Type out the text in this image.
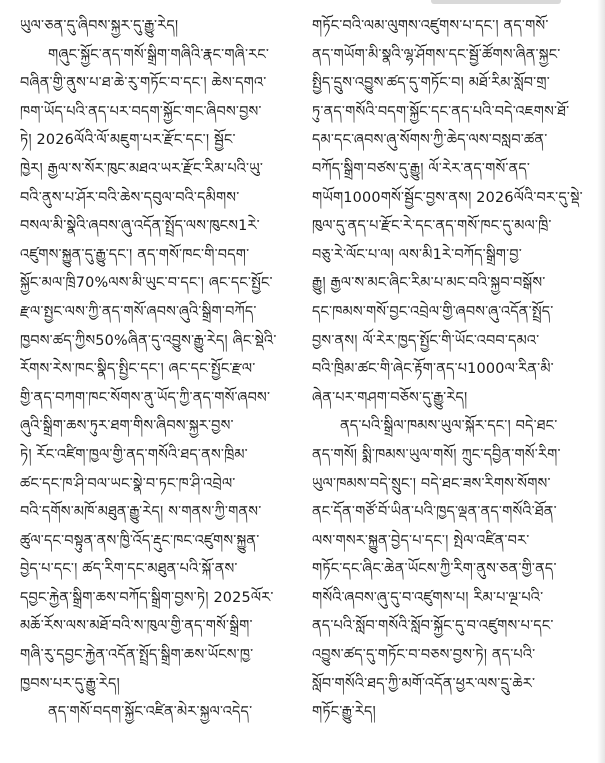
ཡུལ་ཅན་དུ་ཞིབས་སྐྱར་དུ་རྒྱུ་རེད།
གཞུང་སྐྱོང་ནད་གསོ་སྒྲིག་གཞིའི་རྣང་གཞི་རང་
བཞིན་གྱི་ནུས་པ་ཐ་ཆེ་རུ་གཏོང་བ་དང་། ཆེས་དགའ་
ཁག་ཡོད་པའི་ནད་པར་བདག་སྐྱོང་གང་ཞིབས་བྱས་
ཏེ། 2026ལོའི་ལོ་མཇུག་པར་རྫོང་དང་། སྦྱོང་
ཁྱེར། རྒྱལ་ས་སོར་ཁུང་མཐའ་ཡར་རྫོང་རིམ་པའི་ཡུ་
བའི་ནུས་པ་ཤོར་བའི་ཆེས་དབུལ་བའི་དམིགས་
བསལ་མི་སྣེའི་ཞབས་ཞུ་འདོན་སྤྲོད་ལས་ཁུངས1རེ་
འཛུགས་སྐྱུན་དུ་རྒྱུ་དང་། ནད་གསོ་ཁང་གི་བདག་
སྐྱོང་མལ་ཁྲི70%ལས་མི་ཡུང་བ་དང་། ཞང་དང་སྤྱོང་
རྫལ་སྤྱང་ལས་ཀྱི་ནད་གསོ་ཞབས་ཞུའི་སྒྲིག་བཀོད་
ཁྱབས་ཚད་ཀྱིས50%ཞིན་དུ་འབྱུས་རྒྱུ་རེད། ཞིང་སྡེའི་
རོགས་རེས་ཁང་སྣིད་སྤྱིང་དང་། ཞང་དང་སྤྱོང་རྫལ་
གྱི་ནད་བཀག་ཁང་སོགས་ནུ་ཡོད་ཀྱི་ནད་གསོ་ཞབས་
ཞུའི་སྒྲིག་ཆས་ཏུར་ཐག་གིས་ཞིབས་སྐྱར་བྱས་
ཏེ། རོང་འཛིག་ཁྱལ་གྱི་ནད་གསོའི་ཐད་ནས་ཁྲིམ་
ཚང་དང་ཁ་ཤི་བལ་ཡང་སྣེ་བ་ཏང་ཁ་ཤི་འབྲེལ་
བའི་དགོས་མཁོ་མཐུན་རྒྱུ་རེད། ས་གནས་ཀྱི་གནས་
ཚུལ་དང་བསྟུན་ནས་ཁྱི་འོད་རྡུང་ཁང་འཛུགས་སྐྱུན་
བྱེད་པ་དང་། ཚད་རིག་དང་མཐུན་པའི་སྐོ་ནས་
དབྱང་རྐྱེན་སྒྲིག་ཆས་བཀོད་སྒྲིག་བྱས་ཏེ། 2025ལོར་
མཆོ་རོས་ལས་མཐོ་བའི་ས་ཁུལ་གྱི་ནད་གསོ་སྒྲིག་
གཞི་རུ་དབྱང་རྐྱེན་འདོན་སྤྲོད་སྒྲིག་ཆས་ཡོངས་ཁྱ་
ཁྱབས་པར་དུ་རྒྱུ་རེད།
ནད་གསོ་བདག་སྐྱོང་འཛིན་མེར་སྐྱལ་འདེད་
གཏོང་བའི་ལམ་ལུགས་འཛུགས་པ་དང་། ནད་གསོ་
ནད་གཡོག་མི་སྣའི་ལྷ་ཤོགས་དང་སྦྱོ་ཚོགས་ཞིན་སྐྱང་
སྤྱིད་དྲུས་འབྱུས་ཚད་དུ་གཏོང་བ། མཐོ་རིམ་སློབ་གྲ་
ཏུ་ནད་གསོའི་བདག་སྐྱོང་དང་ནད་པའི་བདེ་འཇགས་ཐོ་
དམ་དང་ཞབས་ཞུ་སོགས་ཀྱི་ཆེད་ལས་བསླབ་ཚན་
བཀོད་སྒྲིག་བཙས་དུ་རྒྱུ། ལོ་རེར་ནད་གསོ་ནད་
གཡོག1000གསོ་སྦྱོང་བྱས་ནས། 2026ལོའི་བར་དུ་སྡེ་
ཁུལ་དུ་ནད་པ་རྫོང་རེ་དང་ནད་གསོ་ཁང་དུ་མལ་ཁྲི་
བཅུ་རེ་ལོང་པ་ལ། ལས་མི1རེ་བཀོད་སྒྲིག་བྱ་
རྒྱུ། རྒྱལ་ས་མང་ཞིང་རིམ་པ་མང་བའི་སྐྱབ་བསྒོས་
དང་ཁམས་གསོ་བྱང་འབྲེལ་གྱི་ཞབས་ཞུ་འདོན་སྤྲོད་
བྱས་ནས། ལོ་རེར་ཁྱད་སྤྱོང་གི་ཡོང་འབབ་དམའ་
བའི་ཁྲིམ་ཚང་གི་ཞེང་རྟོག་ནད་པ1000ལ་རིན་མི་
ཞེན་པར་གཤག་བཅོས་དུ་རྒྱུ་རེད།
ནད་པའི་སྒྲིལ་ཁམས་ཡུལ་སྐོར་དང་། བདེ་ཐང་
ནད་གསོ། སྨི་ཁམས་ཡུལ་གསོ། ཀྲུང་དབྱིན་གསོ་རིག་
ཡུལ་ཁམས་བདེ་སྲུང་། བདེ་ཐང་ཟས་རིགས་སོགས་
ནང་དོན་གཙོ་བོ་ཡིན་པའི་ཁྱད་ལྡན་ནད་གསོའི་ཐོན་
ལས་གསར་སྐྱུན་བྱེད་པ་དང་། སྤེལ་འཛིན་བར་
གཏོང་དང་ཞིང་ཆེན་ཡོངས་ཀྱི་རིག་ནུས་ཅན་གྱི་ནད་
གསོའི་ཞབས་ཞུ་དུ་བ་འཛུགས་པ། རིམ་པ་ལྔ་པའི་
ནད་པའི་སློབ་གསོའི་སློབ་སྐྱོང་དུ་བ་འཛུགས་པ་དང་
འབྱུས་ཚད་དུ་གཏོང་བ་བཅས་བྱས་ཏེ། ནད་པའི་
སློབ་གསོའི་ཐད་ཀྱི་མགོ་འདོན་ཕྱར་ལས་དྲུ་ཆེར་
གཏོང་རྒྱུ་རེད།
